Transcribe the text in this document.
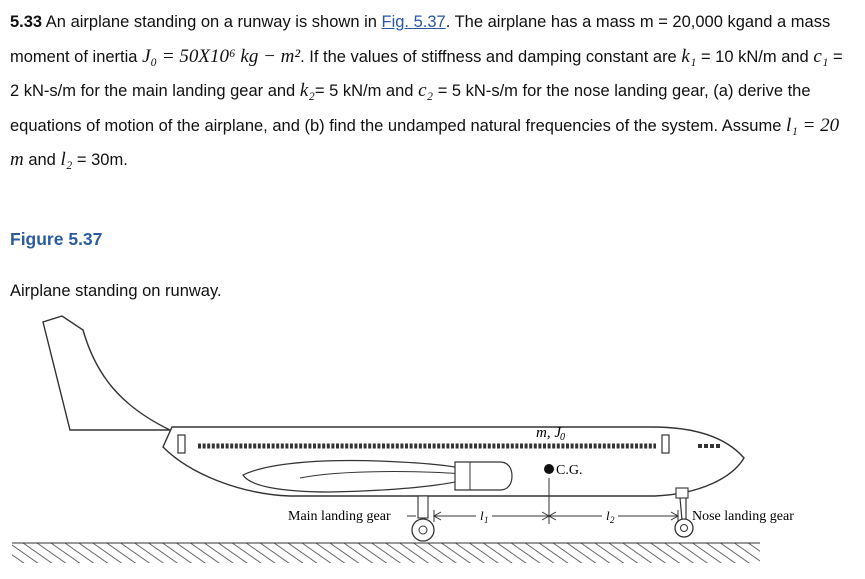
5.33 An airplane standing on a runway is shown in Fig. 5.37. The airplane has a mass m = 20,000 kgand a mass moment of inertia J₀ = 50X10⁶ kg − m². If the values of stiffness and damping constant are k₁ = 10 kN/m and c₁ = 2 kN-s/m for the main landing gear and k₂= 5 kN/m and c₂ = 5 kN-s/m for the nose landing gear, (a) derive the equations of motion of the airplane, and (b) find the undamped natural frequencies of the system. Assume l₁ = 20 m and l₂ = 30m.
Figure 5.37
Airplane standing on runway.
m, J 0
C.G.
Main landing gear	Nose landing gear
l 1	l 2
